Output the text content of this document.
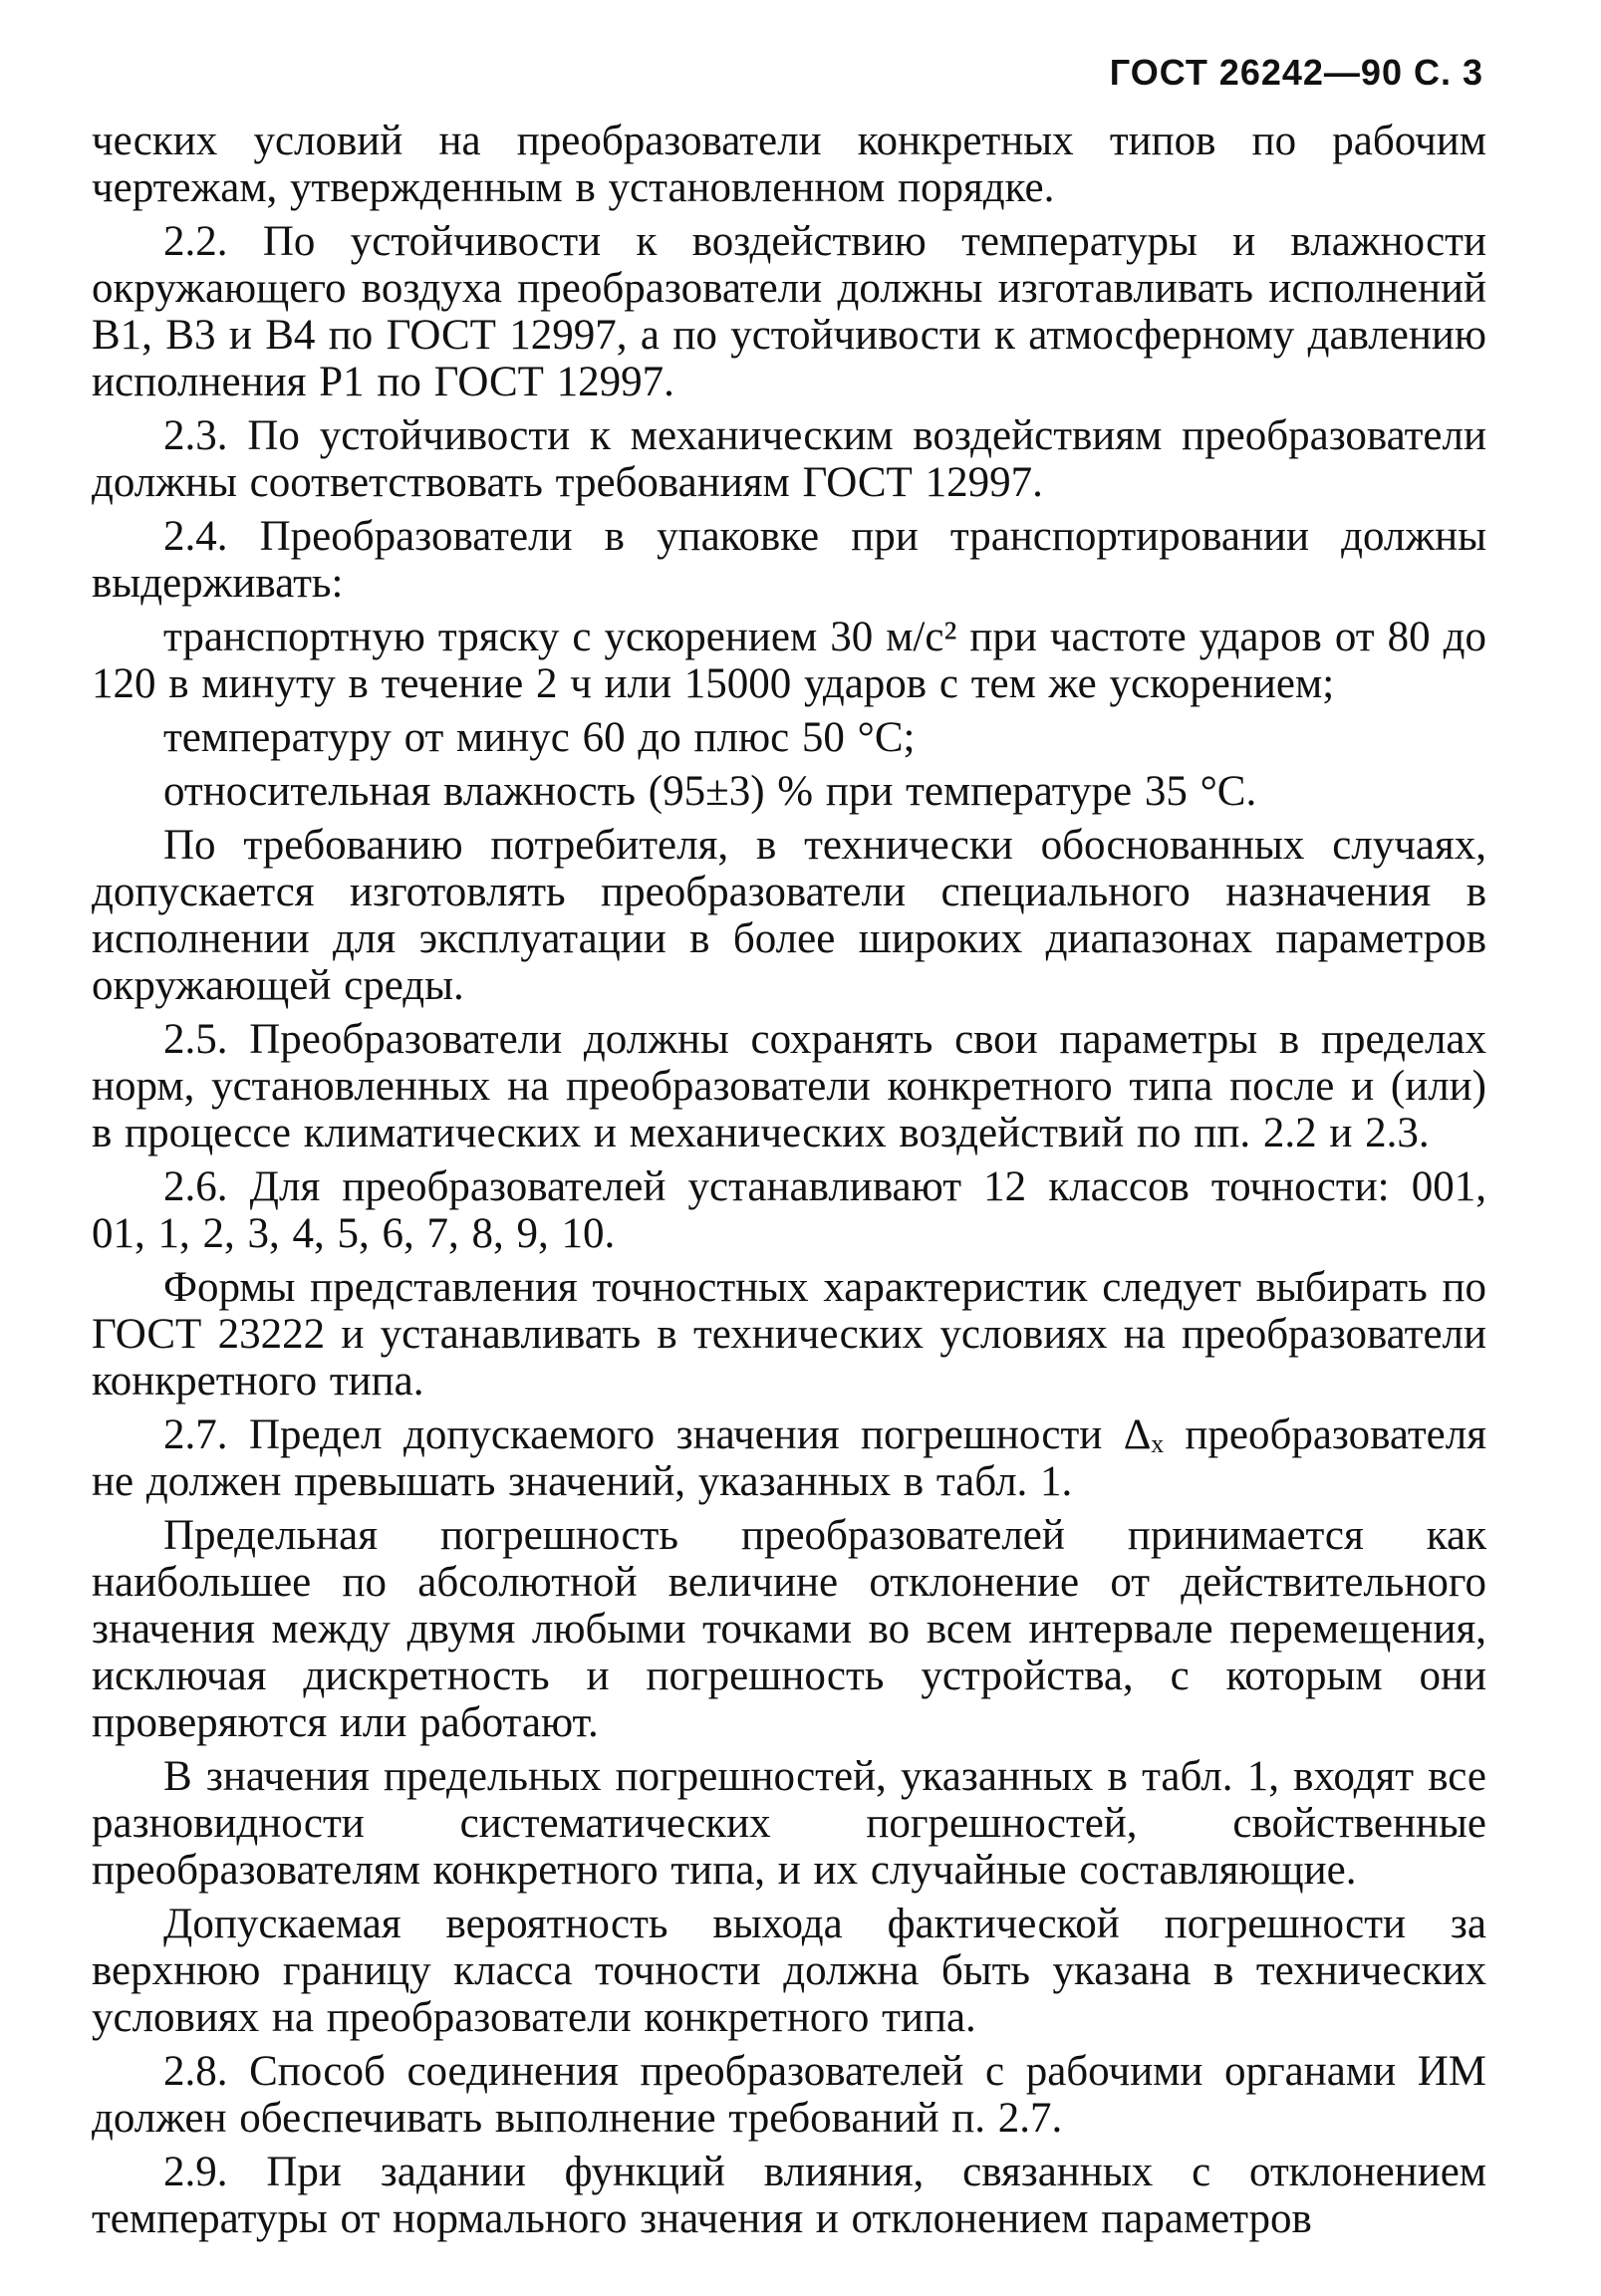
ГОСТ 26242—90 С. 3

ческих условий на преобразователи конкретных типов по рабочим чертежам, утвержденным в установленном порядке.

2.2. По устойчивости к воздействию температуры и влажности окружающего воздуха преобразователи должны изготавливать исполнений В1, В3 и В4 по ГОСТ 12997, а по устойчивости к атмосферному давлению исполнения Р1 по ГОСТ 12997.

2.3. По устойчивости к механическим воздействиям преобразователи должны соответствовать требованиям ГОСТ 12997.

2.4. Преобразователи в упаковке при транспортировании должны выдерживать:

транспортную тряску с ускорением 30 м/с² при частоте ударов от 80 до 120 в минуту в течение 2 ч или 15000 ударов с тем же ускорением;

температуру от минус 60 до плюс 50 °С;

относительная влажность (95±3) % при температуре 35 °С.

По требованию потребителя, в технически обоснованных случаях, допускается изготовлять преобразователи специального назначения в исполнении для эксплуатации в более широких диапазонах параметров окружающей среды.

2.5. Преобразователи должны сохранять свои параметры в пределах норм, установленных на преобразователи конкретного типа после и (или) в процессе климатических и механических воздействий по пп. 2.2 и 2.3.

2.6. Для преобразователей устанавливают 12 классов точности: 001, 01, 1, 2, 3, 4, 5, 6, 7, 8, 9, 10.

Формы представления точностных характеристик следует выбирать по ГОСТ 23222 и устанавливать в технических условиях на преобразователи конкретного типа.

2.7. Предел допускаемого значения погрешности Δₓ преобразователя не должен превышать значений, указанных в табл. 1.

Предельная погрешность преобразователей принимается как наибольшее по абсолютной величине отклонение от действительного значения между двумя любыми точками во всем интервале перемещения, исключая дискретность и погрешность устройства, с которым они проверяются или работают.

В значения предельных погрешностей, указанных в табл. 1, входят все разновидности систематических погрешностей, свойственные преобразователям конкретного типа, и их случайные составляющие.

Допускаемая вероятность выхода фактической погрешности за верхнюю границу класса точности должна быть указана в технических условиях на преобразователи конкретного типа.

2.8. Способ соединения преобразователей с рабочими органами ИМ должен обеспечивать выполнение требований п. 2.7.

2.9. При задании функций влияния, связанных с отклонением температуры от нормального значения и отклонением параметров
